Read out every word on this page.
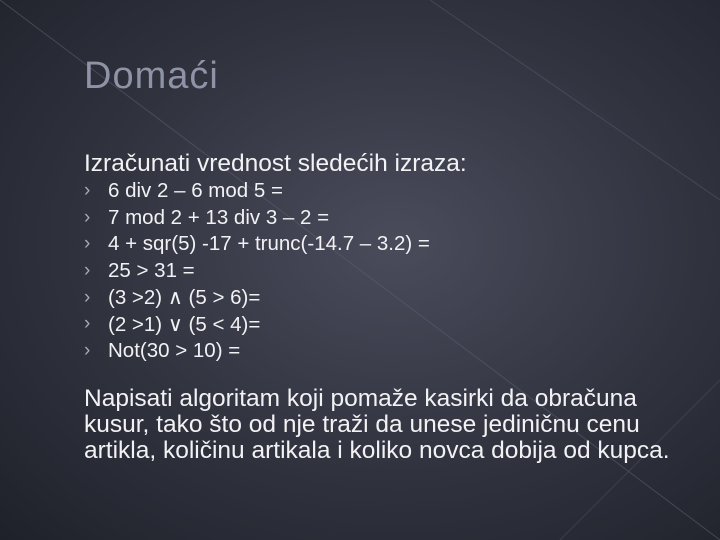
Domaći
Izračunati vrednost sledećih izraza:
› 6 div 2 – 6 mod 5 =
› 7 mod 2 + 13 div 3 – 2 =
› 4 + sqr(5) -17 + trunc(-14.7 – 3.2) =
› 25 > 31 =
› (3 >2) ∧ (5 > 6)=
› (2 >1) ∨ (5 < 4)=
› Not(30 > 10) =
Napisati algoritam koji pomaže kasirki da obračuna kusur, tako što od nje traži da unese jediničnu cenu artikla, količinu artikala i koliko novca dobija od kupca.
